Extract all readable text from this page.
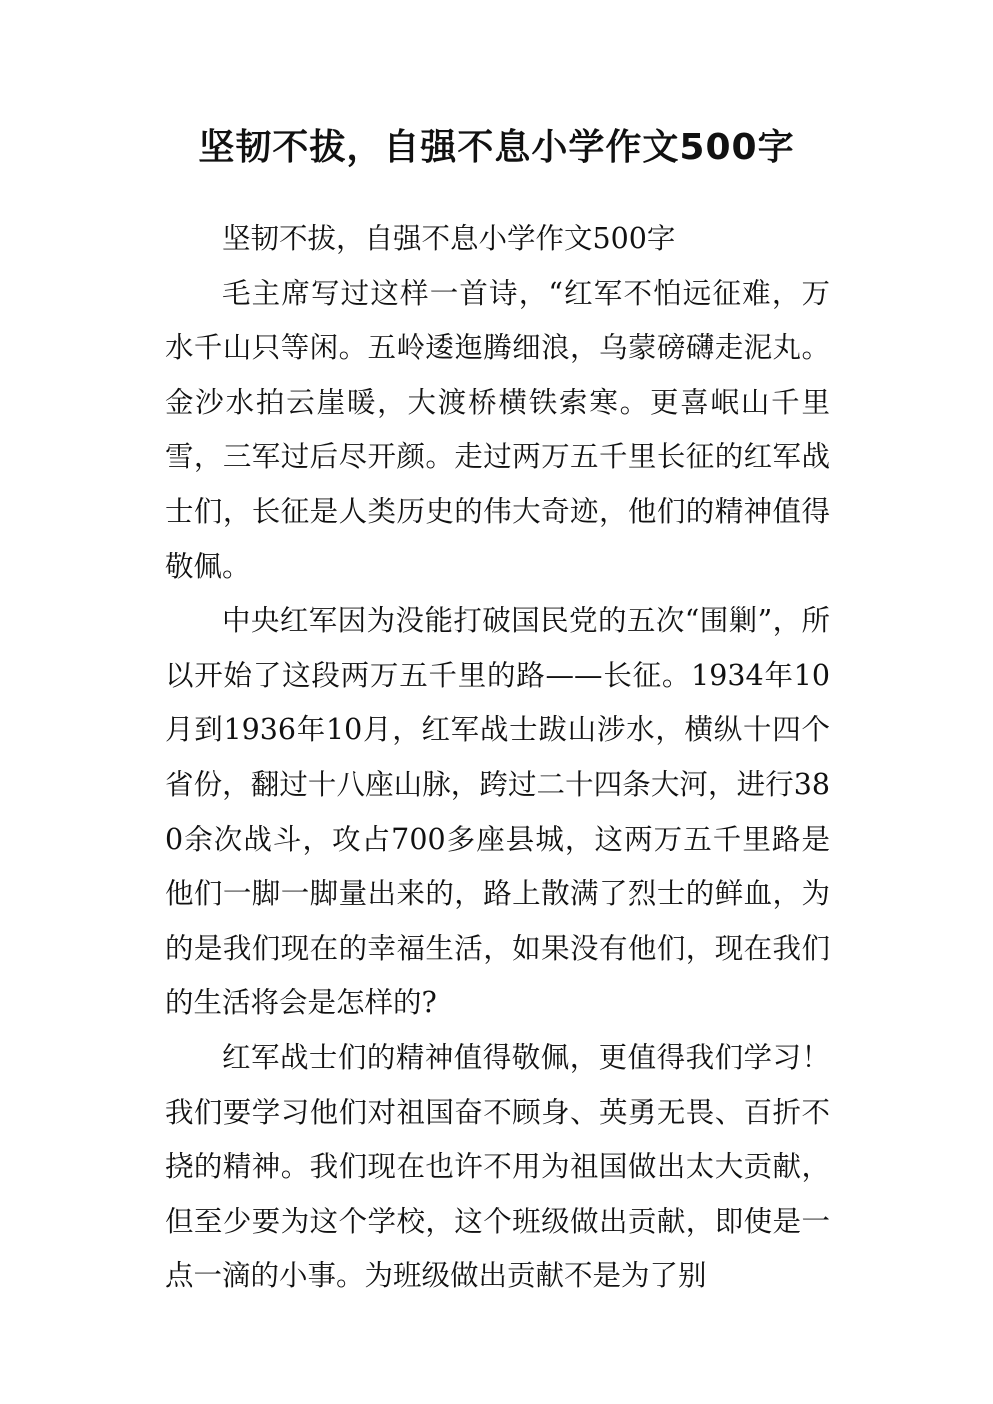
坚韧不拔，自强不息小学作文500字

坚韧不拔，自强不息小学作文500字

毛主席写过这样一首诗，“红军不怕远征难，万水千山只等闲。五岭逶迤腾细浪，乌蒙磅礴走泥丸。金沙水拍云崖暖，大渡桥横铁索寒。更喜岷山千里雪，三军过后尽开颜。走过两万五千里长征的红军战士们，长征是人类历史的伟大奇迹，他们的精神值得敬佩。

中央红军因为没能打破国民党的五次“围剿”，所以开始了这段两万五千里的路——长征。1934年10月到1936年10月，红军战士跋山涉水，横纵十四个省份，翻过十八座山脉，跨过二十四条大河，进行380余次战斗，攻占700多座县城，这两万五千里路是他们一脚一脚量出来的，路上散满了烈士的鲜血，为的是我们现在的幸福生活，如果没有他们，现在我们的生活将会是怎样的?

红军战士们的精神值得敬佩，更值得我们学习！我们要学习他们对祖国奋不顾身、英勇无畏、百折不挠的精神。我们现在也许不用为祖国做出太大贡献，但至少要为这个学校，这个班级做出贡献，即使是一点一滴的小事。为班级做出贡献不是为了别
